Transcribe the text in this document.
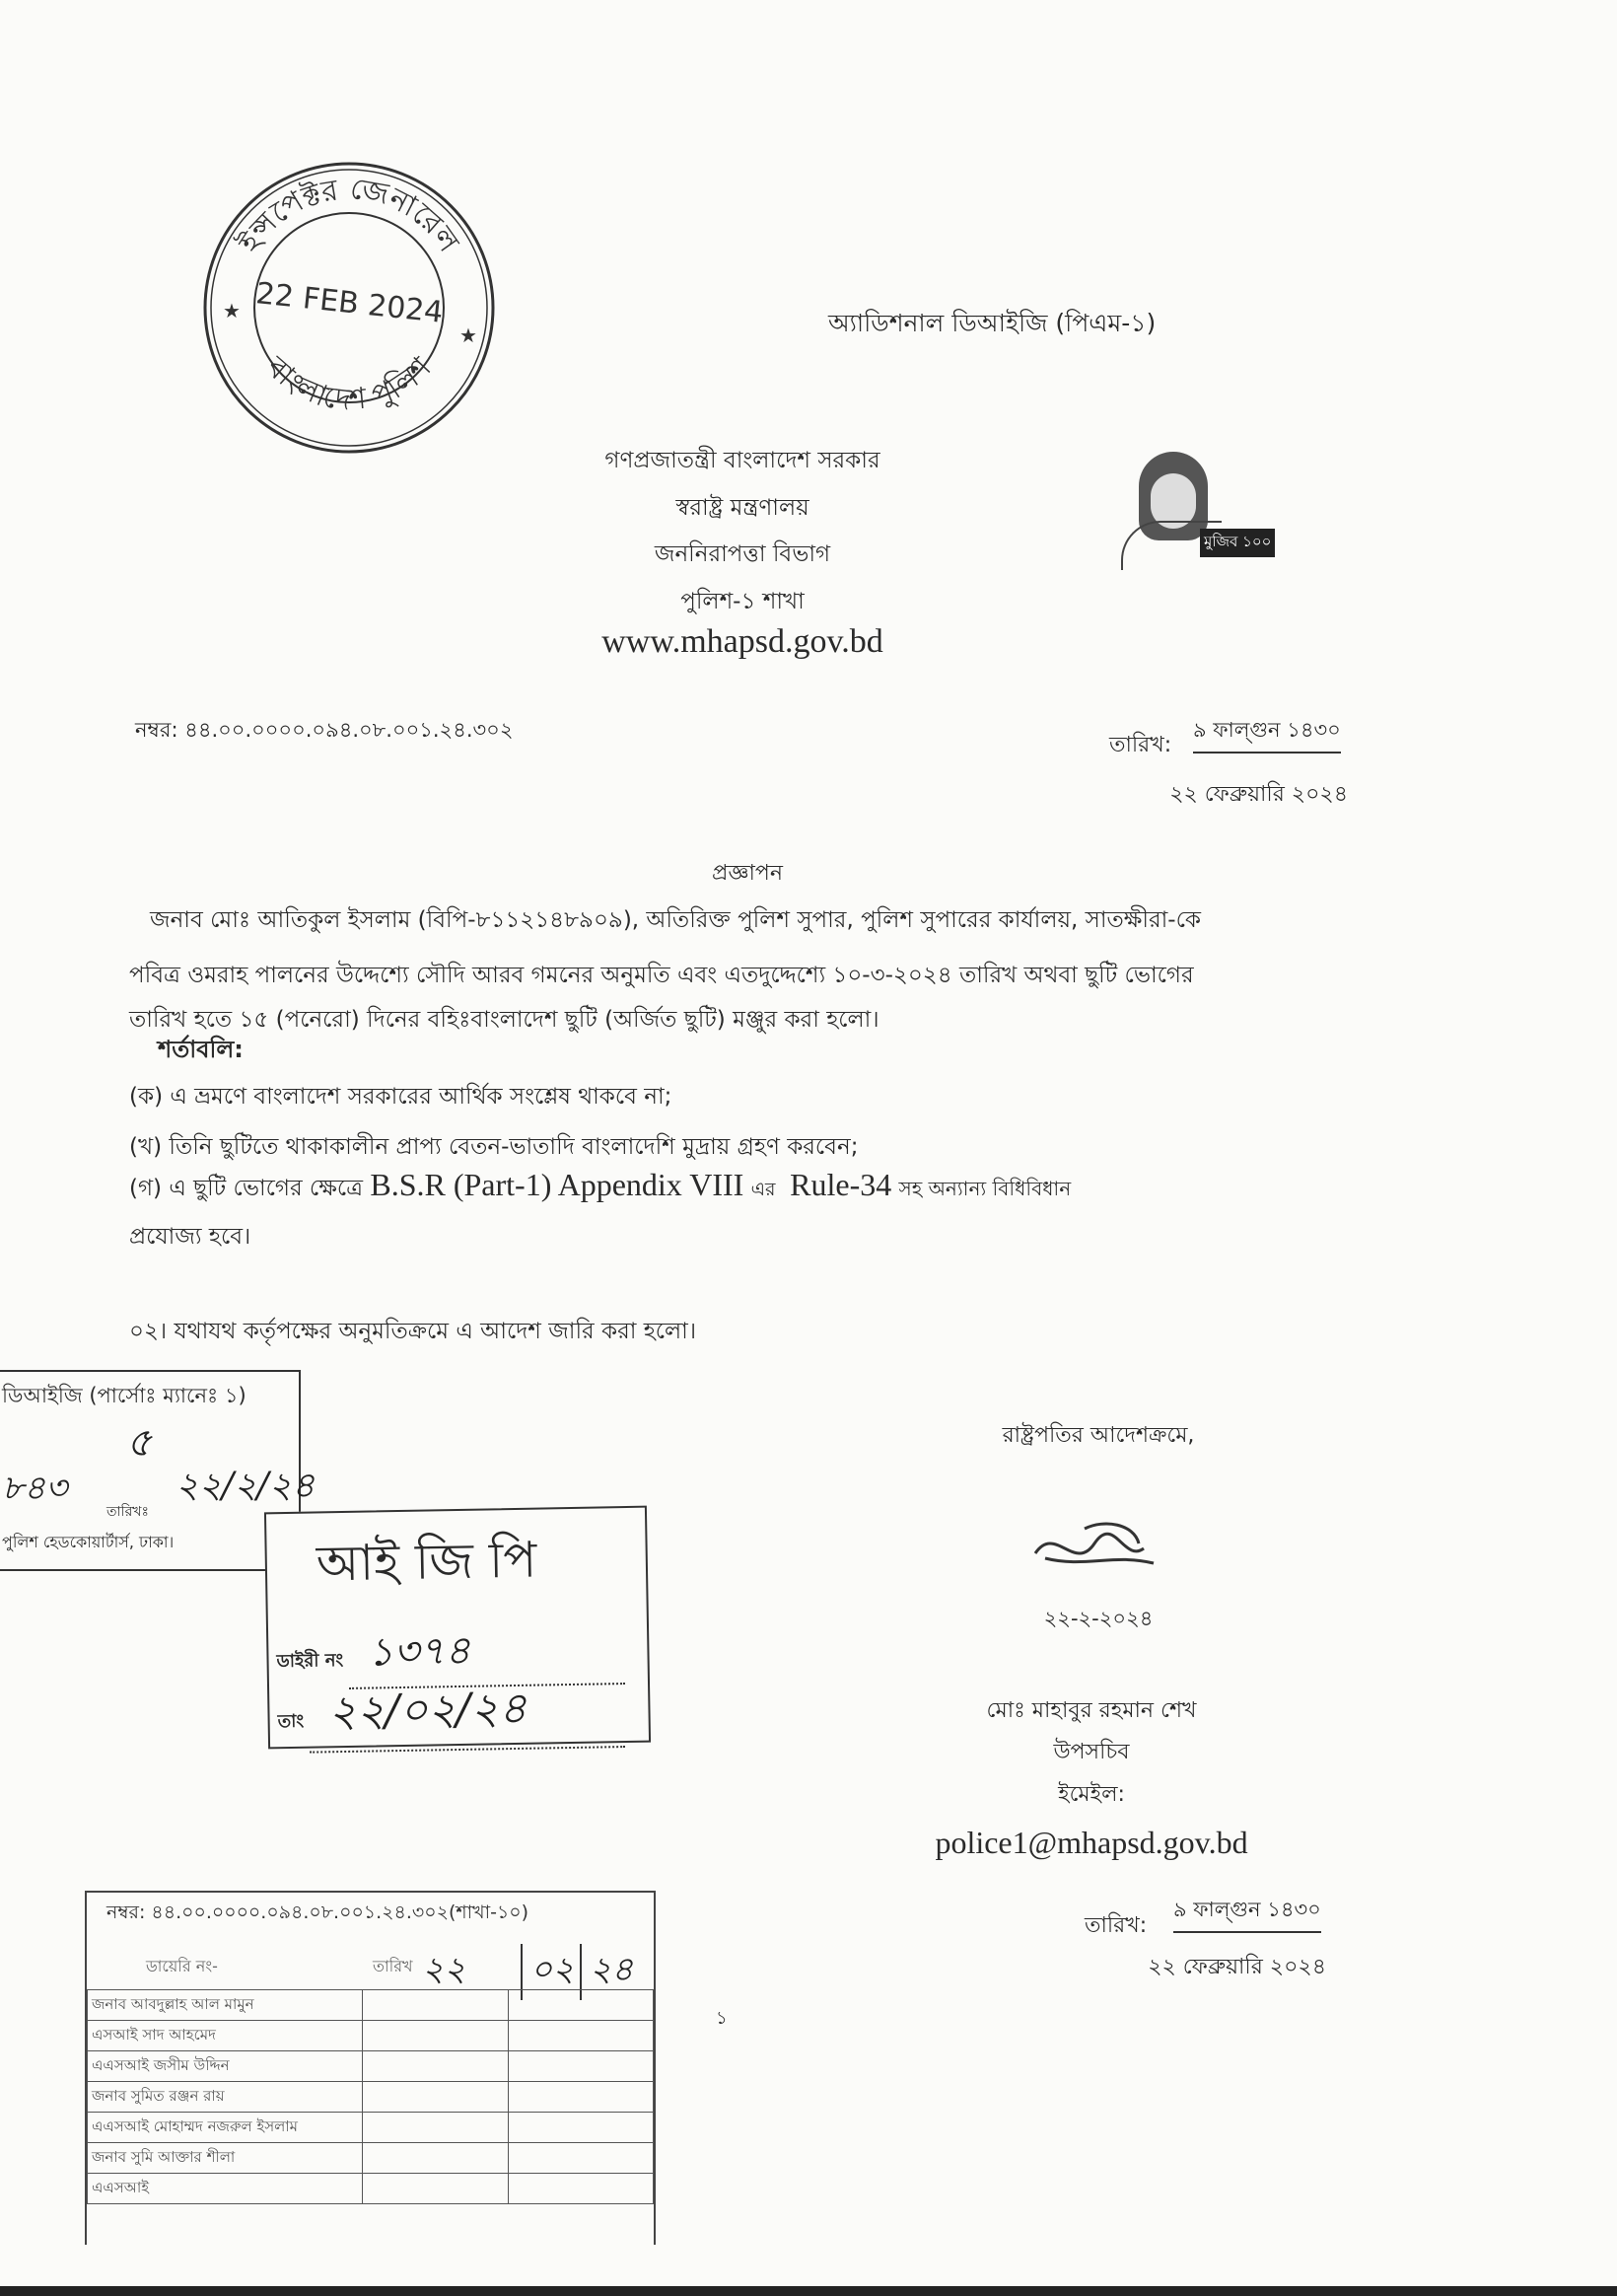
ইন্সপেক্টর জেনারেল
বাংলাদেশ পুলিশ
22 FEB 2024
★
★	অ্যাডিশনাল ডিআইজি (পিএম-১)
গণপ্রজাতন্ত্রী বাংলাদেশ সরকার
স্বরাষ্ট্র মন্ত্রণালয়
জননিরাপত্তা বিভাগ
পুলিশ-১ শাখা
www.mhapsd.gov.bd
মুজিব ১০০
নম্বর: ৪৪.০০.০০০০.০৯৪.০৮.০০১.২৪.৩০২
তারিখ:
৯ ফাল্গুন ১৪৩০
২২ ফেব্রুয়ারি ২০২৪
প্রজ্ঞাপন
জনাব মোঃ আতিকুল ইসলাম (বিপি-৮১১২১৪৮৯০৯), অতিরিক্ত পুলিশ সুপার, পুলিশ সুপারের কার্যালয়, সাতক্ষীরা-কে
পবিত্র ওমরাহ পালনের উদ্দেশ্যে সৌদি আরব গমনের অনুমতি এবং এতদুদ্দেশ্যে ১০-৩-২০২৪ তারিখ অথবা ছুটি ভোগের
তারিখ হতে ১৫ (পনেরো) দিনের বহিঃবাংলাদেশ ছুটি (অর্জিত ছুটি) মঞ্জুর করা হলো।
শর্তাবলি:
(ক) এ ভ্রমণে বাংলাদেশ সরকারের আর্থিক সংশ্লেষ থাকবে না;
(খ) তিনি ছুটিতে থাকাকালীন প্রাপ্য বেতন-ভাতাদি বাংলাদেশি মুদ্রায় গ্রহণ করবেন;
(গ) এ ছুটি ভোগের ক্ষেত্রে B.S.R (Part-1) Appendix VIII এর Rule-34 সহ অন্যান্য বিধিবিধান
প্রযোজ্য হবে।
০২। যথাযথ কর্তৃপক্ষের অনুমতিক্রমে এ আদেশ জারি করা হলো।
ডিআইজি (পার্সোঃ ম্যানেঃ ১)
৫
৮৪৩	২২/২/২৪
তারিখঃ
পুলিশ হেডকোয়ার্টার্স, ঢাকা।	আই জি পি
ডাইরী নং ১৩৭৪
তাং ২২/০২/২৪
রাষ্ট্রপতির আদেশক্রমে,
২২-২-২০২৪
মোঃ মাহাবুর রহমান শেখ
উপসচিব
ইমেইল:
police1@mhapsd.gov.bd
তারিখ:
৯ ফাল্গুন ১৪৩০
২২ ফেব্রুয়ারি ২০২৪
১
নম্বর: ৪৪.০০.০০০০.০৯৪.০৮.০০১.২৪.৩০২(শাখা-১০)
ডায়েরি নং-	তারিখ ২২ ০২ ২৪
জনাব আবদুল্লাহ আল মামুন		
এসআই সাদ আহমেদ		
এএসআই জসীম উদ্দিন		
জনাব সুমিত রঞ্জন রায়		
এএসআই মোহাম্মদ নজরুল ইসলাম		
জনাব সুমি আক্তার শীলা		
এএসআই		
